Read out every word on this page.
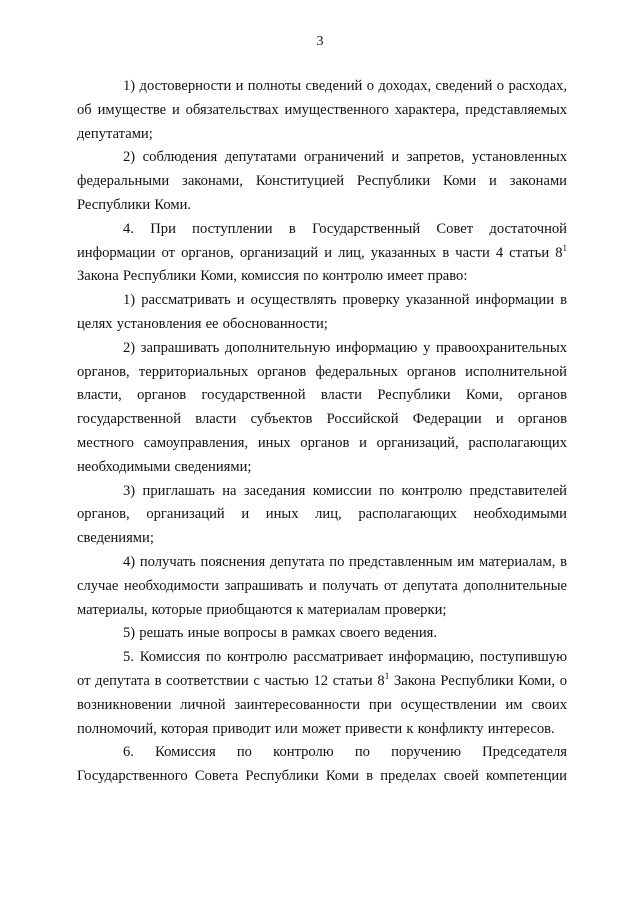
3

1) достоверности и полноты сведений о доходах, сведений о расходах, об имуществе и обязательствах имущественного характера, представляемых депутатами;

2) соблюдения депутатами ограничений и запретов, установленных федеральными законами, Конституцией Республики Коми и законами Республики Коми.

4. При поступлении в Государственный Совет достаточной информации от органов, организаций и лиц, указанных в части 4 статьи $8^1$ Закона Республики Коми, комиссия по контролю имеет право:

1) рассматривать и осуществлять проверку указанной информации в целях установления ее обоснованности;

2) запрашивать дополнительную информацию у правоохранительных органов, территориальных органов федеральных органов исполнительной власти, органов государственной власти Республики Коми, органов государственной власти субъектов Российской Федерации и органов местного самоуправления, иных органов и организаций, располагающих необходимыми сведениями;

3) приглашать на заседания комиссии по контролю представителей органов, организаций и иных лиц, располагающих необходимыми сведениями;

4) получать пояснения депутата по представленным им материалам, в случае необходимости запрашивать и получать от депутата дополнительные материалы, которые приобщаются к материалам проверки;

5) решать иные вопросы в рамках своего ведения.

5. Комиссия по контролю рассматривает информацию, поступившую от депутата в соответствии с частью 12 статьи $8^1$ Закона Республики Коми, о возникновении личной заинтересованности при осуществлении им своих полномочий, которая приводит или может привести к конфликту интересов.

6. Комиссия по контролю по поручению Председателя Государственного Совета Республики Коми в пределах своей компетенции
